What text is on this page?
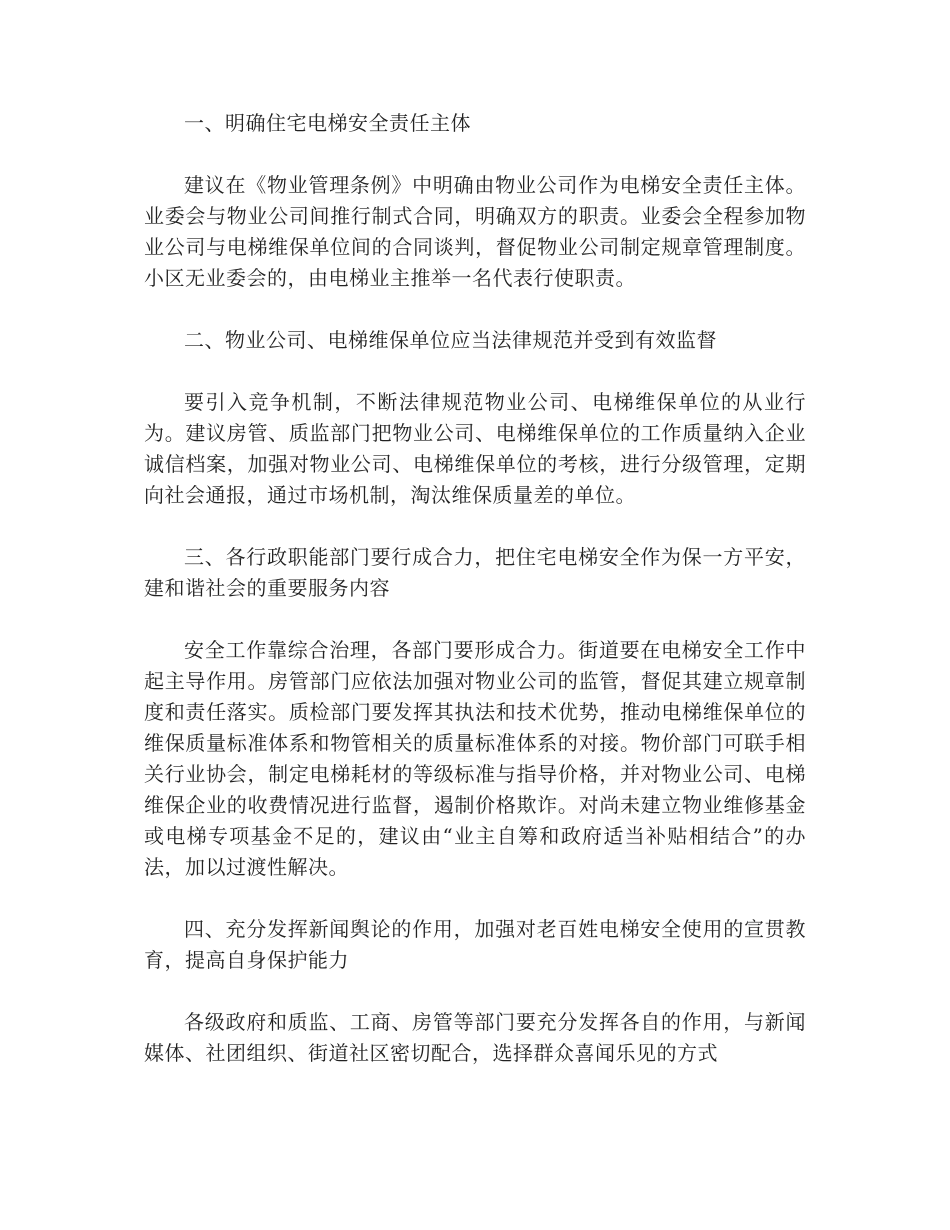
一、明确住宅电梯安全责任主体

建议在《物业管理条例》中明确由物业公司作为电梯安全责任主体。业委会与物业公司间推行制式合同，明确双方的职责。业委会全程参加物业公司与电梯维保单位间的合同谈判，督促物业公司制定规章管理制度。小区无业委会的，由电梯业主推举一名代表行使职责。

二、物业公司、电梯维保单位应当法律规范并受到有效监督

要引入竞争机制，不断法律规范物业公司、电梯维保单位的从业行为。建议房管、质监部门把物业公司、电梯维保单位的工作质量纳入企业诚信档案，加强对物业公司、电梯维保单位的考核，进行分级管理，定期向社会通报，通过市场机制，淘汰维保质量差的单位。

三、各行政职能部门要行成合力，把住宅电梯安全作为保一方平安，建和谐社会的重要服务内容

安全工作靠综合治理，各部门要形成合力。街道要在电梯安全工作中起主导作用。房管部门应依法加强对物业公司的监管，督促其建立规章制度和责任落实。质检部门要发挥其执法和技术优势，推动电梯维保单位的维保质量标准体系和物管相关的质量标准体系的对接。物价部门可联手相关行业协会，制定电梯耗材的等级标准与指导价格，并对物业公司、电梯维保企业的收费情况进行监督，遏制价格欺诈。对尚未建立物业维修基金或电梯专项基金不足的，建议由“业主自筹和政府适当补贴相结合”的办法，加以过渡性解决。

四、充分发挥新闻舆论的作用，加强对老百姓电梯安全使用的宣贯教育，提高自身保护能力

各级政府和质监、工商、房管等部门要充分发挥各自的作用，与新闻媒体、社团组织、街道社区密切配合，选择群众喜闻乐见的方式
